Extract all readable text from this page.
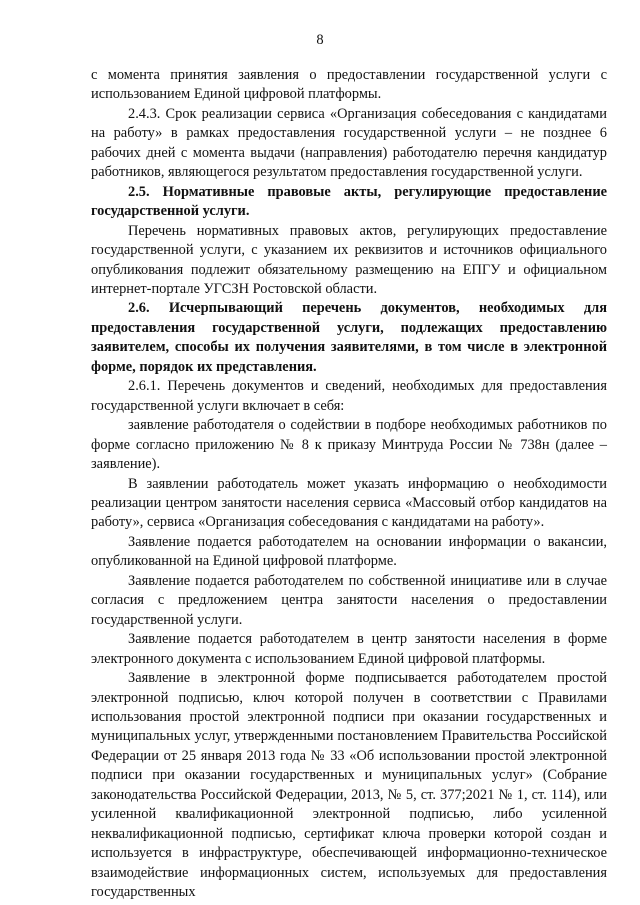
8

с момента принятия заявления о предоставлении государственной услуги с использованием Единой цифровой платформы.

2.4.3. Срок реализации сервиса «Организация собеседования с кандидатами на работу» в рамках предоставления государственной услуги – не позднее 6 рабочих дней с момента выдачи (направления) работодателю перечня кандидатур работников, являющегося результатом предоставления государственной услуги.

2.5. Нормативные правовые акты, регулирующие предоставление государственной услуги.

Перечень нормативных правовых актов, регулирующих предоставление государственной услуги, с указанием их реквизитов и источников официального опубликования подлежит обязательному размещению на ЕПГУ и официальном интернет-портале УГСЗН Ростовской области.

2.6. Исчерпывающий перечень документов, необходимых для предоставления государственной услуги, подлежащих предоставлению заявителем, способы их получения заявителями, в том числе в электронной форме, порядок их представления.

2.6.1. Перечень документов и сведений, необходимых для предоставления государственной услуги включает в себя:

заявление работодателя о содействии в подборе необходимых работников по форме согласно приложению № 8 к приказу Минтруда России № 738н (далее – заявление).

В заявлении работодатель может указать информацию о необходимости реализации центром занятости населения сервиса «Массовый отбор кандидатов на работу», сервиса «Организация собеседования с кандидатами на работу».

Заявление подается работодателем на основании информации о вакансии, опубликованной на Единой цифровой платформе.

Заявление подается работодателем по собственной инициативе или в случае согласия с предложением центра занятости населения о предоставлении государственной услуги.

Заявление подается работодателем в центр занятости населения в форме электронного документа с использованием Единой цифровой платформы.

Заявление в электронной форме подписывается работодателем простой электронной подписью, ключ которой получен в соответствии с Правилами использования простой электронной подписи при оказании государственных и муниципальных услуг, утвержденными постановлением Правительства Российской Федерации от 25 января 2013 года № 33 «Об использовании простой электронной подписи при оказании государственных и муниципальных услуг» (Собрание законодательства Российской Федерации, 2013, № 5, ст. 377;2021 № 1, ст. 114), или усиленной квалификационной электронной подписью, либо усиленной неквалификационной подписью, сертификат ключа проверки которой создан и используется в инфраструктуре, обеспечивающей информационно-техническое взаимодействие информационных систем, используемых для предоставления государственных
